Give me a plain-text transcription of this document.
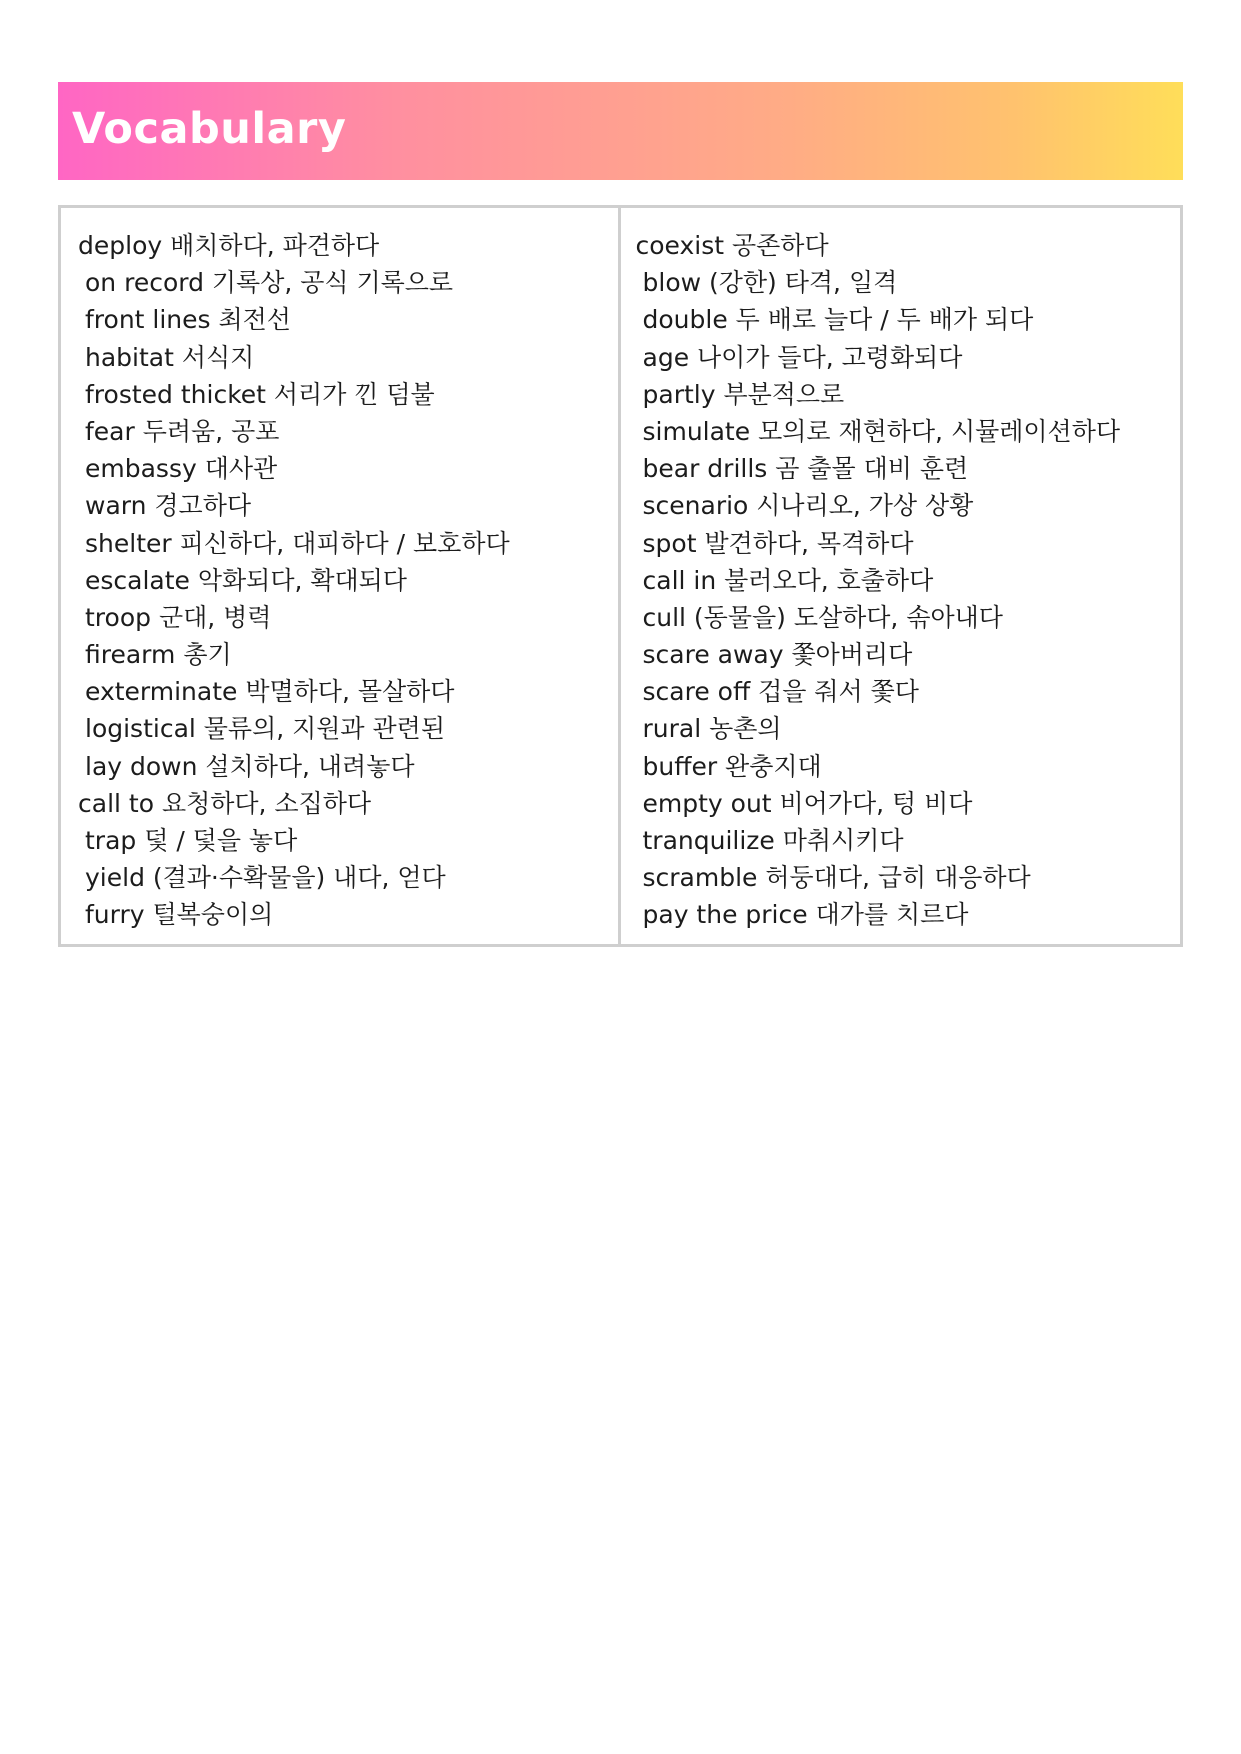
Vocabulary
deploy 배치하다, 파견하다
on record 기록상, 공식 기록으로
front lines 최전선
habitat 서식지
frosted thicket 서리가 낀 덤불
fear 두려움, 공포
embassy 대사관
warn 경고하다
shelter 피신하다, 대피하다 / 보호하다
escalate 악화되다, 확대되다
troop 군대, 병력
firearm 총기
exterminate 박멸하다, 몰살하다
logistical 물류의, 지원과 관련된
lay down 설치하다, 내려놓다
call to 요청하다, 소집하다
trap 덫 / 덫을 놓다
yield (결과·수확물을) 내다, 얻다
furry 털복숭이의
coexist 공존하다
blow (강한) 타격, 일격
double 두 배로 늘다 / 두 배가 되다
age 나이가 들다, 고령화되다
partly 부분적으로
simulate 모의로 재현하다, 시뮬레이션하다
bear drills 곰 출몰 대비 훈련
scenario 시나리오, 가상 상황
spot 발견하다, 목격하다
call in 불러오다, 호출하다
cull (동물을) 도살하다, 솎아내다
scare away 쫓아버리다
scare off 겁을 줘서 쫓다
rural 농촌의
buffer 완충지대
empty out 비어가다, 텅 비다
tranquilize 마취시키다
scramble 허둥대다, 급히 대응하다
pay the price 대가를 치르다
